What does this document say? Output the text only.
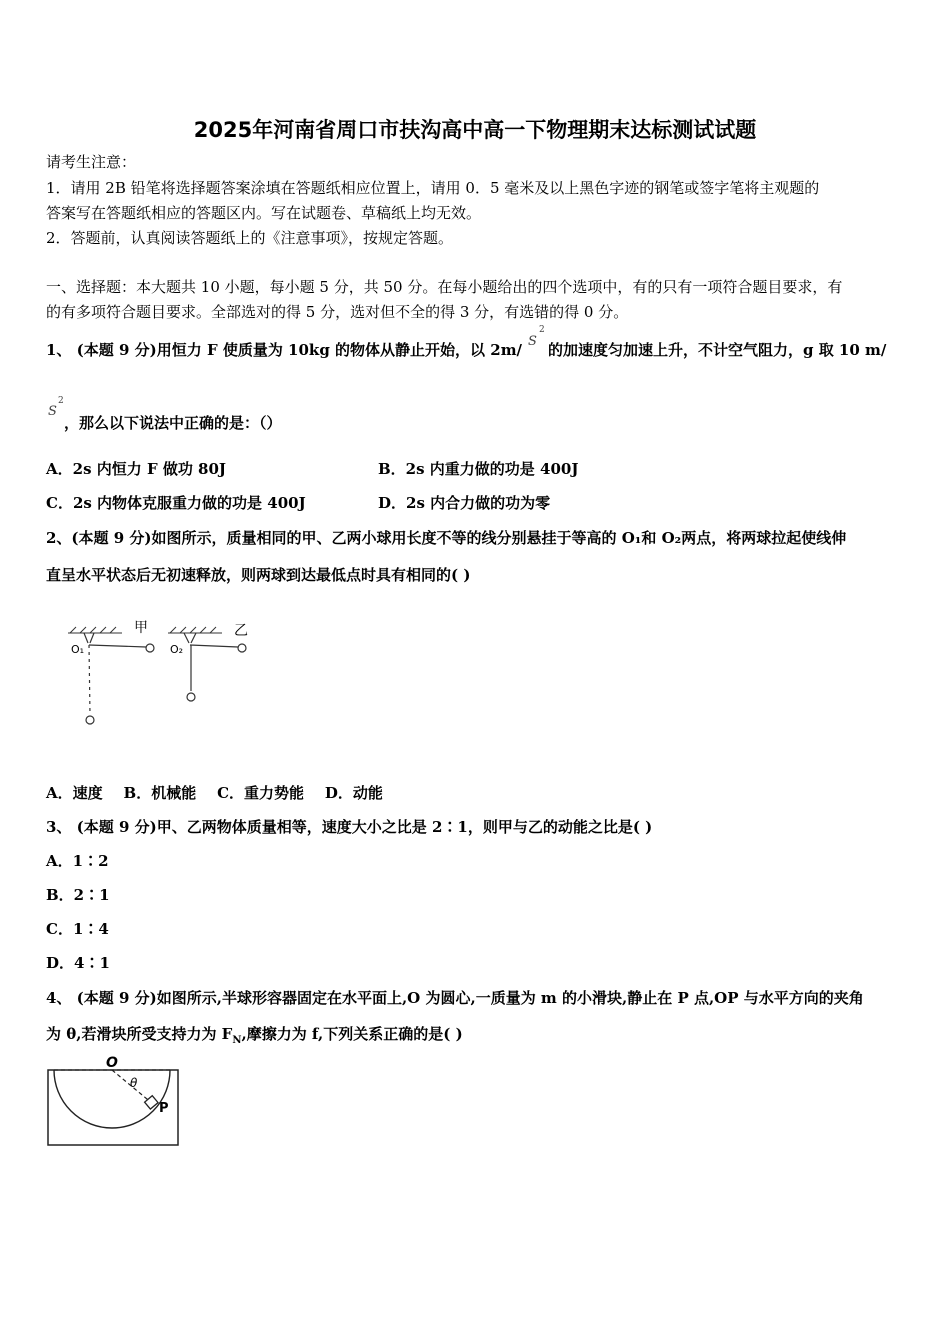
2025年河南省周口市扶沟高中高一下物理期末达标测试试题
请考生注意：
1．请用 2B 铅笔将选择题答案涂填在答题纸相应位置上，请用 0．5 毫米及以上黑色字迹的钢笔或签字笔将主观题的
答案写在答题纸相应的答题区内。写在试题卷、草稿纸上均无效。
2．答题前，认真阅读答题纸上的《注意事项》，按规定答题。
一、选择题：本大题共 10 小题，每小题 5 分，共 50 分。在每小题给出的四个选项中，有的只有一项符合题目要求，有
的有多项符合题目要求。全部选对的得 5 分，选对但不全的得 3 分，有选错的得 0 分。
1、 (本题 9 分)用恒力 F 使质量为 10kg 的物体从静止开始，以 2m/ S
2
的加速度匀加速上升，不计空气阻力，g 取 10 m/
S
2
，那么以下说法中正确的是：（）
A．2s 内恒力 F 做功 80J	B．2s 内重力做的功是 400J
C．2s 内物体克服重力做的功是 400J	D．2s 内合力做的功为零
2、(本题 9 分)如图所示，质量相同的甲、乙两小球用长度不等的线分别悬挂于等高的 O₁和 O₂两点，将两球拉起使线伸
直呈水平状态后无初速释放，则两球到达最低点时具有相同的( )
甲
O₁
乙
O₂
A．速度    B．机械能    C．重力势能    D．动能
3、 (本题 9 分)甲、乙两物体质量相等，速度大小之比是 2∶1，则甲与乙的动能之比是( )
A．1∶2
B．2∶1
C．1∶4
D．4∶1
4、 (本题 9 分)如图所示,半球形容器固定在水平面上,O 为圆心,一质量为 m 的小滑块,静止在 P 点,OP 与水平方向的夹角
为 θ,若滑块所受支持力为 $F_N$,摩擦力为 f,下列关系正确的是( )
O
θ
P
